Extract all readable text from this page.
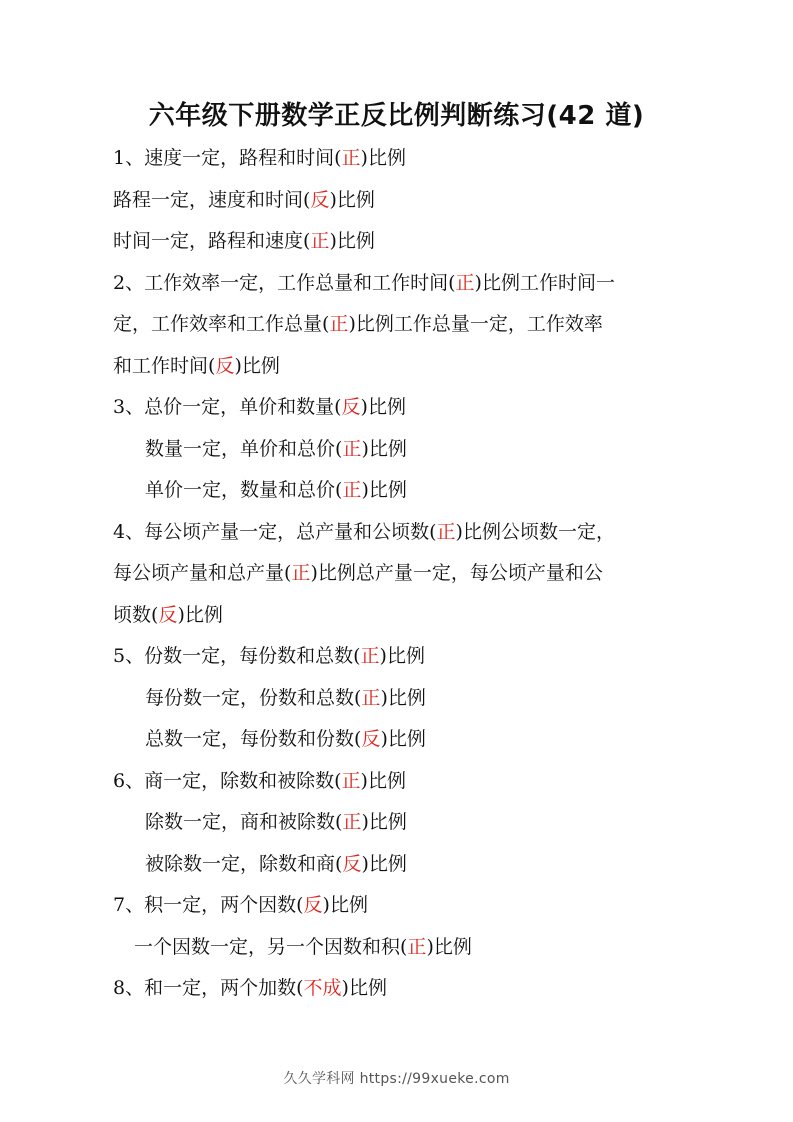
六年级下册数学正反比例判断练习(42 道)
1、速度一定，路程和时间(正)比例
路程一定，速度和时间(反)比例
时间一定，路程和速度(正)比例
2、工作效率一定，工作总量和工作时间(正)比例工作时间一
定，工作效率和工作总量(正)比例工作总量一定，工作效率
和工作时间(反)比例
3、总价一定，单价和数量(反)比例
数量一定，单价和总价(正)比例
单价一定，数量和总价(正)比例
4、每公顷产量一定，总产量和公顷数(正)比例公顷数一定，
每公顷产量和总产量(正)比例总产量一定，每公顷产量和公
顷数(反)比例
5、份数一定，每份数和总数(正)比例
每份数一定，份数和总数(正)比例
总数一定，每份数和份数(反)比例
6、商一定，除数和被除数(正)比例
除数一定，商和被除数(正)比例
被除数一定，除数和商(反)比例
7、积一定，两个因数(反)比例
一个因数一定，另一个因数和积(正)比例
8、和一定，两个加数(不成)比例
久久学科网 https://99xueke.com
